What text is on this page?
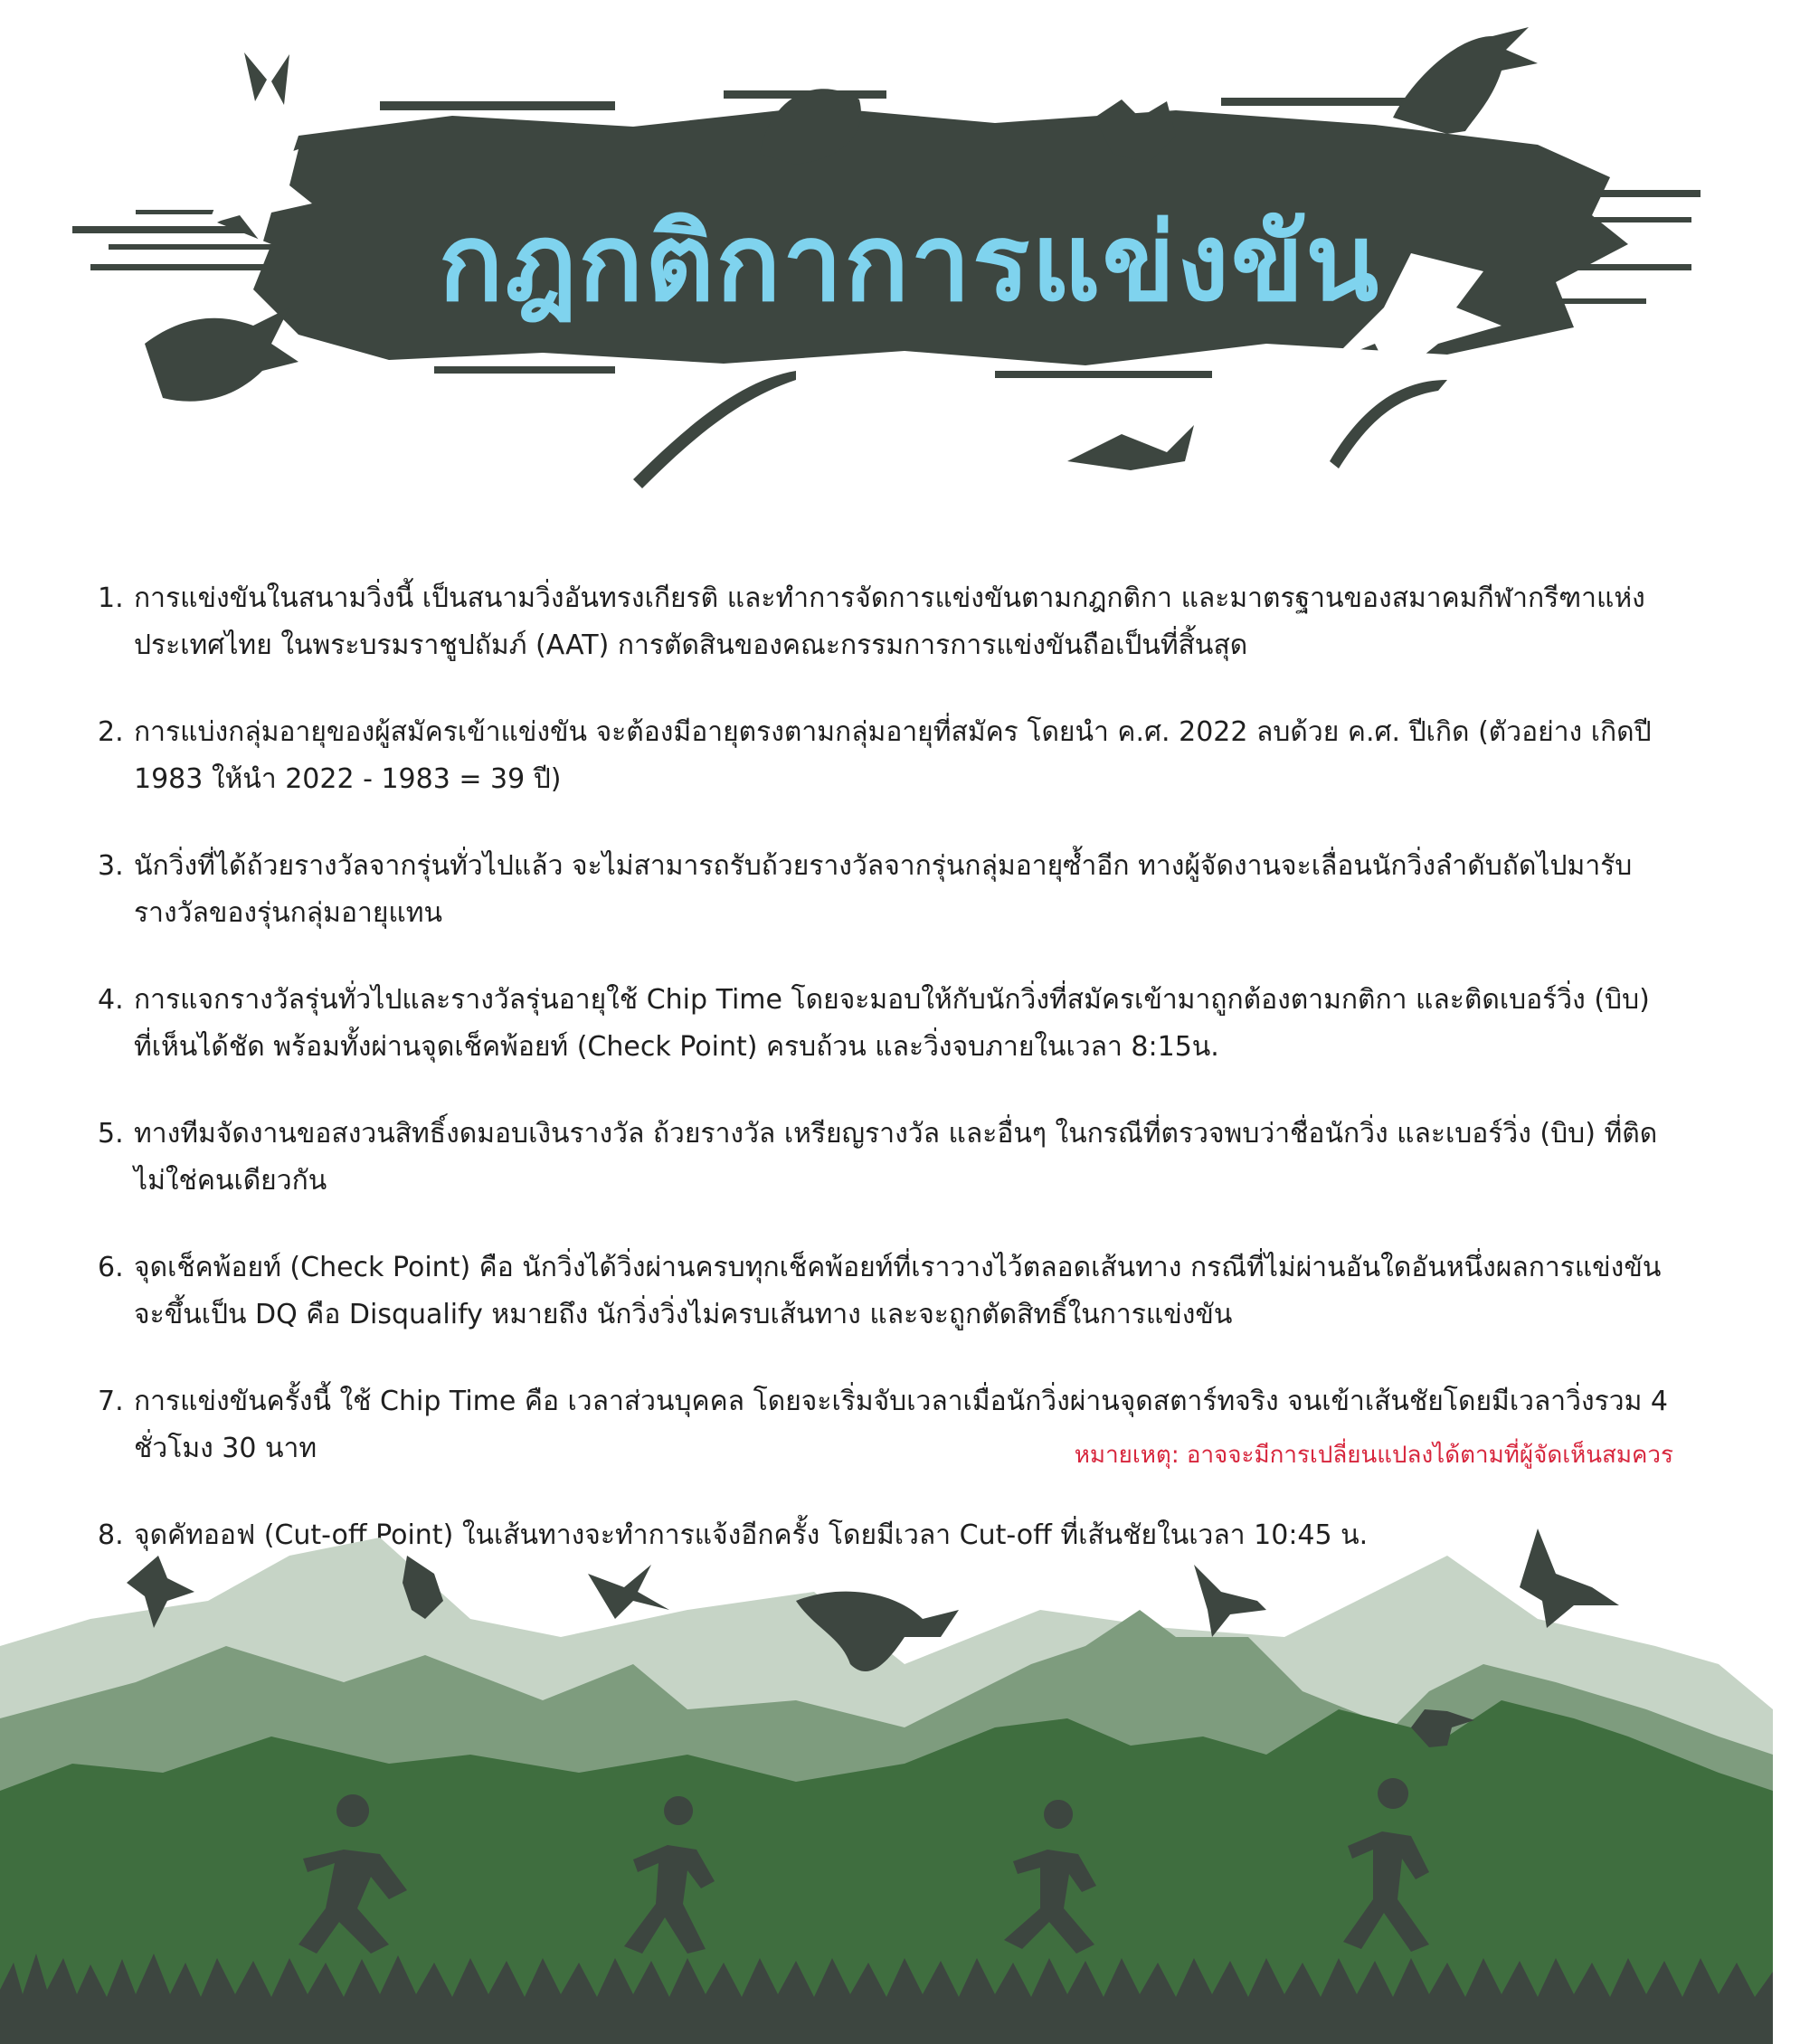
กฎกติกาการแข่งขัน
1. การแข่งขันในสนามวิ่งนี้ เป็นสนามวิ่งอันทรงเกียรติ และทำการจัดการแข่งขันตามกฎกติกา และมาตรฐานของสมาคมกีฬากรีฑาแห่งประเทศไทย ในพระบรมราชูปถัมภ์ (AAT) การตัดสินของคณะกรรมการการแข่งขันถือเป็นที่สิ้นสุด
2. การแบ่งกลุ่มอายุของผู้สมัครเข้าแข่งขัน จะต้องมีอายุตรงตามกลุ่มอายุที่สมัคร โดยนำ ค.ศ. 2022 ลบด้วย ค.ศ. ปีเกิด (ตัวอย่าง เกิดปี 1983 ให้นำ 2022 - 1983 = 39 ปี)
3. นักวิ่งที่ได้ถ้วยรางวัลจากรุ่นทั่วไปแล้ว จะไม่สามารถรับถ้วยรางวัลจากรุ่นกลุ่มอายุซ้ำอีก ทางผู้จัดงานจะเลื่อนนักวิ่งลำดับถัดไปมารับรางวัลของรุ่นกลุ่มอายุแทน
4. การแจกรางวัลรุ่นทั่วไปและรางวัลรุ่นอายุใช้ Chip Time โดยจะมอบให้กับนักวิ่งที่สมัครเข้ามาถูกต้องตามกติกา และติดเบอร์วิ่ง (บิบ) ที่เห็นได้ชัด พร้อมทั้งผ่านจุดเช็คพ้อยท์ (Check Point) ครบถ้วน และวิ่งจบภายในเวลา 8:15น.
5. ทางทีมจัดงานขอสงวนสิทธิ์งดมอบเงินรางวัล ถ้วยรางวัล เหรียญรางวัล และอื่นๆ ในกรณีที่ตรวจพบว่าชื่อนักวิ่ง และเบอร์วิ่ง (บิบ) ที่ติด ไม่ใช่คนเดียวกัน
6. จุดเช็คพ้อยท์ (Check Point) คือ นักวิ่งได้วิ่งผ่านครบทุกเช็คพ้อยท์ที่เราวางไว้ตลอดเส้นทาง กรณีที่ไม่ผ่านอันใดอันหนึ่งผลการแข่งขันจะขึ้นเป็น DQ คือ Disqualify หมายถึง นักวิ่งวิ่งไม่ครบเส้นทาง และจะถูกตัดสิทธิ์ในการแข่งขัน
7. การแข่งขันครั้งนี้ ใช้ Chip Time คือ เวลาส่วนบุคคล โดยจะเริ่มจับเวลาเมื่อนักวิ่งผ่านจุดสตาร์ทจริง จนเข้าเส้นชัยโดยมีเวลาวิ่งรวม 4 ชั่วโมง 30 นาท
8. จุดคัทออฟ (Cut-off Point) ในเส้นทางจะทำการแจ้งอีกครั้ง โดยมีเวลา Cut-off ที่เส้นชัยในเวลา 10:45 น.
หมายเหตุ: อาจจะมีการเปลี่ยนแปลงได้ตามที่ผู้จัดเห็นสมควร
